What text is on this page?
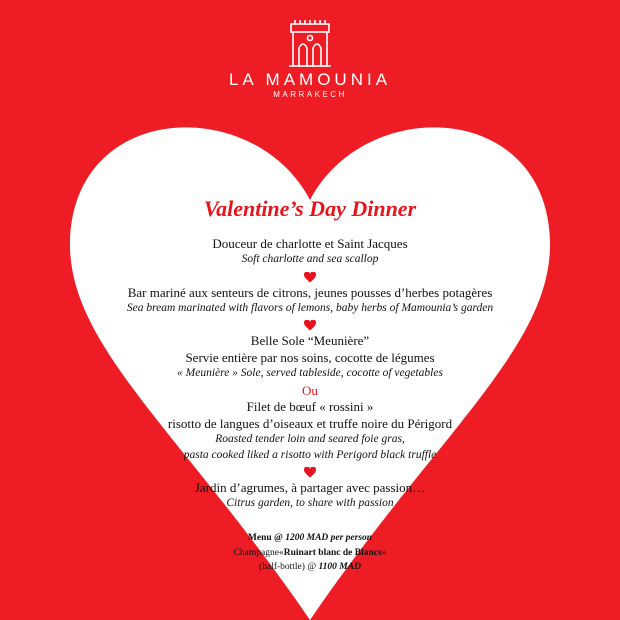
LA MAMOUNIA
MARRAKECH
Valentine’s Day Dinner
Douceur de charlotte et Saint Jacques
Soft charlotte and sea scallop
Bar mariné aux senteurs de citrons, jeunes pousses d’herbes potagères
Sea bream marinated with flavors of lemons, baby herbs of Mamounia’s garden
Belle Sole “Meunière”
Servie entière par nos soins, cocotte de légumes
« Meunière » Sole, served tableside, cocotte of vegetables
Ou
Filet de bœuf « rossini »
risotto de langues d’oiseaux et truffe noire du Périgord
Roasted tender loin and seared foie gras,
pasta cooked liked a risotto with Perigord black truffle
Jardin d’agrumes, à partager avec passion…
Citrus garden, to share with passion
Menu @ 1200 MAD per person
Champagne«Ruinart blanc de Blancs»
(half-bottle) @ 1100 MAD
